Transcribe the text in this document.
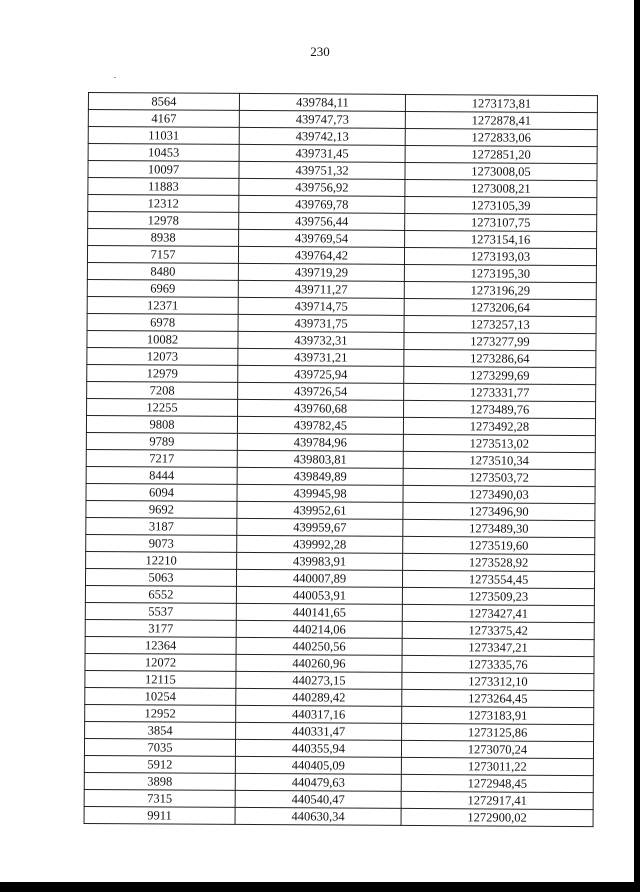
230
8564	439784,11	1273173,81
4167	439747,73	1272878,41
11031	439742,13	1272833,06
10453	439731,45	1272851,20
10097	439751,32	1273008,05
11883	439756,92	1273008,21
12312	439769,78	1273105,39
12978	439756,44	1273107,75
8938	439769,54	1273154,16
7157	439764,42	1273193,03
8480	439719,29	1273195,30
6969	439711,27	1273196,29
12371	439714,75	1273206,64
6978	439731,75	1273257,13
10082	439732,31	1273277,99
12073	439731,21	1273286,64
12979	439725,94	1273299,69
7208	439726,54	1273331,77
12255	439760,68	1273489,76
9808	439782,45	1273492,28
9789	439784,96	1273513,02
7217	439803,81	1273510,34
8444	439849,89	1273503,72
6094	439945,98	1273490,03
9692	439952,61	1273496,90
3187	439959,67	1273489,30
9073	439992,28	1273519,60
12210	439983,91	1273528,92
5063	440007,89	1273554,45
6552	440053,91	1273509,23
5537	440141,65	1273427,41
3177	440214,06	1273375,42
12364	440250,56	1273347,21
12072	440260,96	1273335,76
12115	440273,15	1273312,10
10254	440289,42	1273264,45
12952	440317,16	1273183,91
3854	440331,47	1273125,86
7035	440355,94	1273070,24
5912	440405,09	1273011,22
3898	440479,63	1272948,45
7315	440540,47	1272917,41
9911	440630,34	1272900,02
